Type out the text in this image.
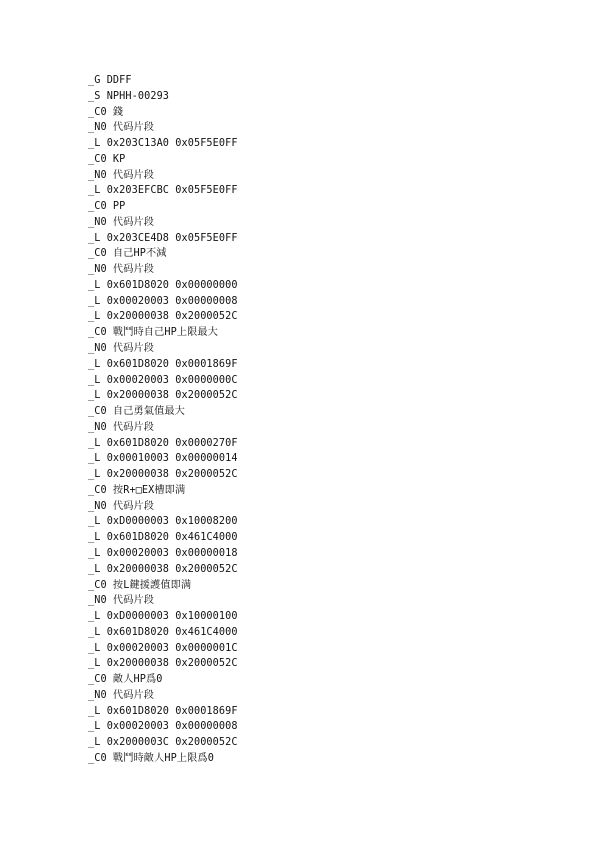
_G DDFF
_S NPHH-00293
_C0 錢
_N0 代码片段
_L 0x203C13A0 0x05F5E0FF
_C0 KP
_N0 代码片段
_L 0x203EFCBC 0x05F5E0FF
_C0 PP
_N0 代码片段
_L 0x203CE4D8 0x05F5E0FF
_C0 自己HP不減
_N0 代码片段
_L 0x601D8020 0x00000000
_L 0x00020003 0x00000008
_L 0x20000038 0x2000052C
_C0 戰鬥時自己HP上限最大
_N0 代码片段
_L 0x601D8020 0x0001869F
_L 0x00020003 0x0000000C
_L 0x20000038 0x2000052C
_C0 自己勇氣值最大
_N0 代码片段
_L 0x601D8020 0x0000270F
_L 0x00010003 0x00000014
_L 0x20000038 0x2000052C
_C0 按R+□EX槽即满
_N0 代码片段
_L 0xD0000003 0x10008200
_L 0x601D8020 0x461C4000
_L 0x00020003 0x00000018
_L 0x20000038 0x2000052C
_C0 按L鍵援護值即满
_N0 代码片段
_L 0xD0000003 0x10000100
_L 0x601D8020 0x461C4000
_L 0x00020003 0x0000001C
_L 0x20000038 0x2000052C
_C0 敵人HP爲0
_N0 代码片段
_L 0x601D8020 0x0001869F
_L 0x00020003 0x00000008
_L 0x2000003C 0x2000052C
_C0 戰鬥時敵人HP上限爲0
